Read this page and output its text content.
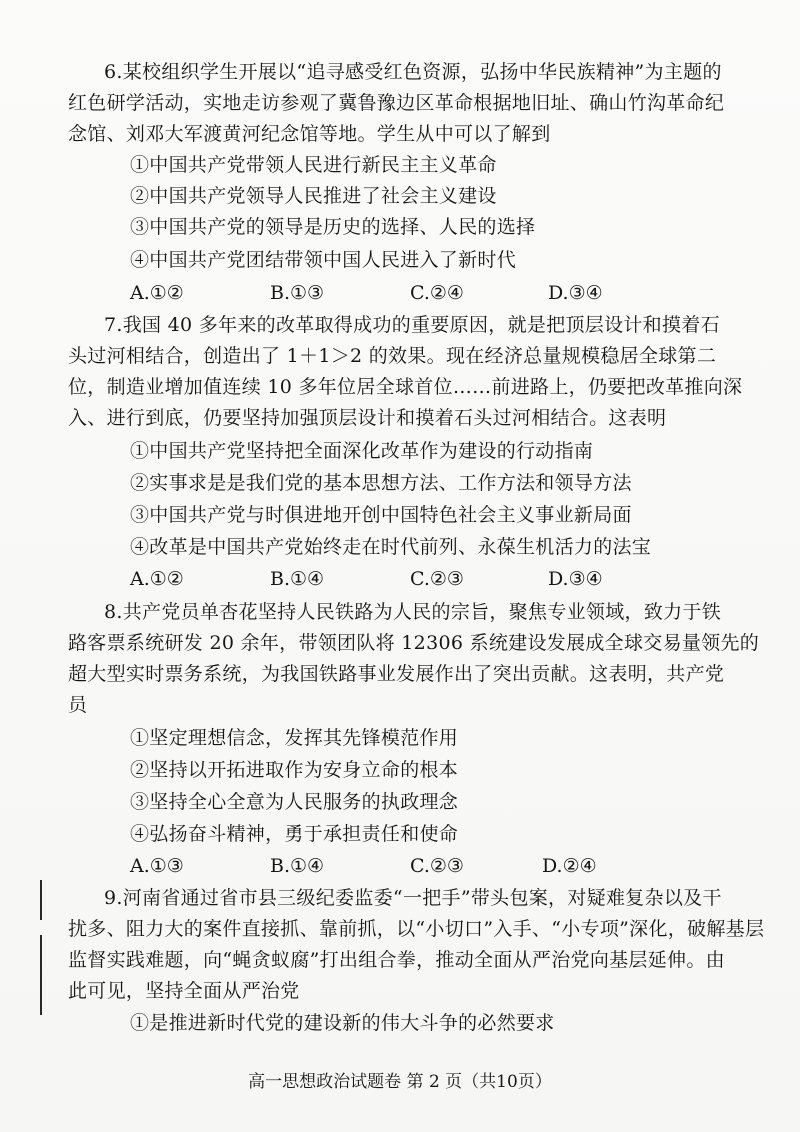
6.某校组织学生开展以“追寻感受红色资源，弘扬中华民族精神”为主题的
红色研学活动，实地走访参观了冀鲁豫边区革命根据地旧址、确山竹沟革命纪
念馆、刘邓大军渡黄河纪念馆等地。学生从中可以了解到
①中国共产党带领人民进行新民主主义革命
②中国共产党领导人民推进了社会主义建设
③中国共产党的领导是历史的选择、人民的选择
④中国共产党团结带领中国人民进入了新时代
A.①②	B.①③	C.②④	D.③④
7.我国 40 多年来的改革取得成功的重要原因，就是把顶层设计和摸着石
头过河相结合，创造出了 1＋1＞2 的效果。现在经济总量规模稳居全球第二
位，制造业增加值连续 10 多年位居全球首位……前进路上，仍要把改革推向深
入、进行到底，仍要坚持加强顶层设计和摸着石头过河相结合。这表明
①中国共产党坚持把全面深化改革作为建设的行动指南
②实事求是是我们党的基本思想方法、工作方法和领导方法
③中国共产党与时俱进地开创中国特色社会主义事业新局面
④改革是中国共产党始终走在时代前列、永葆生机活力的法宝
A.①②	B.①④	C.②③	D.③④
8.共产党员单杏花坚持人民铁路为人民的宗旨，聚焦专业领域，致力于铁
路客票系统研发 20 余年，带领团队将 12306 系统建设发展成全球交易量领先的
超大型实时票务系统，为我国铁路事业发展作出了突出贡献。这表明，共产党
员
①坚定理想信念，发挥其先锋模范作用
②坚持以开拓进取作为安身立命的根本
③坚持全心全意为人民服务的执政理念
④弘扬奋斗精神，勇于承担责任和使命
A.①③	B.①④	C.②③	D.②④
9.河南省通过省市县三级纪委监委“一把手”带头包案，对疑难复杂以及干
扰多、阻力大的案件直接抓、靠前抓，以“小切口”入手、“小专项”深化，破解基层
监督实践难题，向“蝇贪蚁腐”打出组合拳，推动全面从严治党向基层延伸。由
此可见，坚持全面从严治党
①是推进新时代党的建设新的伟大斗争的必然要求
高一思想政治试题卷 第 2 页（共10页）
